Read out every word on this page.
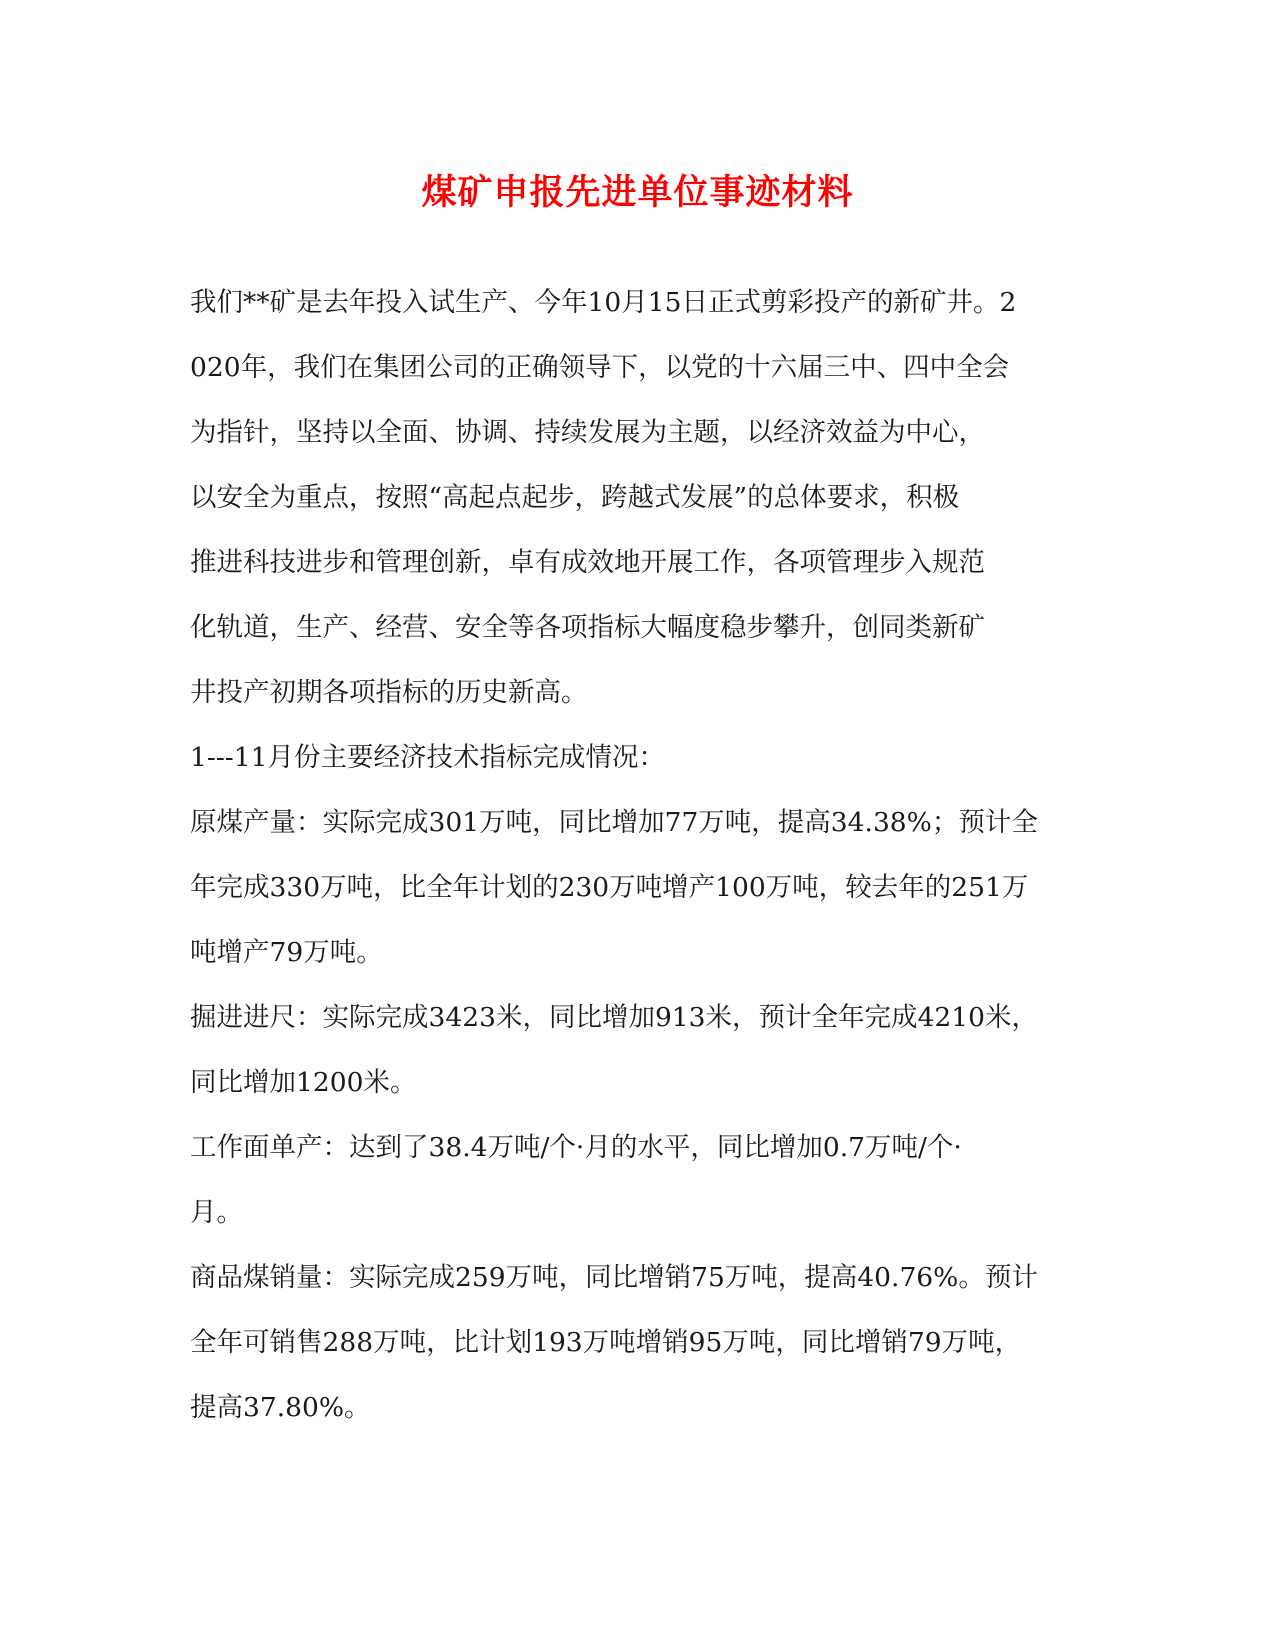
煤矿申报先进单位事迹材料
我们**矿是去年投入试生产、今年10月15日正式剪彩投产的新矿井。2
020年，我们在集团公司的正确领导下，以党的十六届三中、四中全会
为指针，坚持以全面、协调、持续发展为主题，以经济效益为中心，
以安全为重点，按照“高起点起步，跨越式发展”的总体要求，积极
推进科技进步和管理创新，卓有成效地开展工作，各项管理步入规范
化轨道，生产、经营、安全等各项指标大幅度稳步攀升，创同类新矿
井投产初期各项指标的历史新高。
1---11月份主要经济技术指标完成情况：
原煤产量：实际完成301万吨，同比增加77万吨，提高34.38%；预计全
年完成330万吨，比全年计划的230万吨增产100万吨，较去年的251万
吨增产79万吨。
掘进进尺：实际完成3423米，同比增加913米，预计全年完成4210米，
同比增加1200米。
工作面单产：达到了38.4万吨/个·月的水平，同比增加0.7万吨/个·
月。
商品煤销量：实际完成259万吨，同比增销75万吨，提高40.76%。预计
全年可销售288万吨，比计划193万吨增销95万吨，同比增销79万吨，
提高37.80%。
